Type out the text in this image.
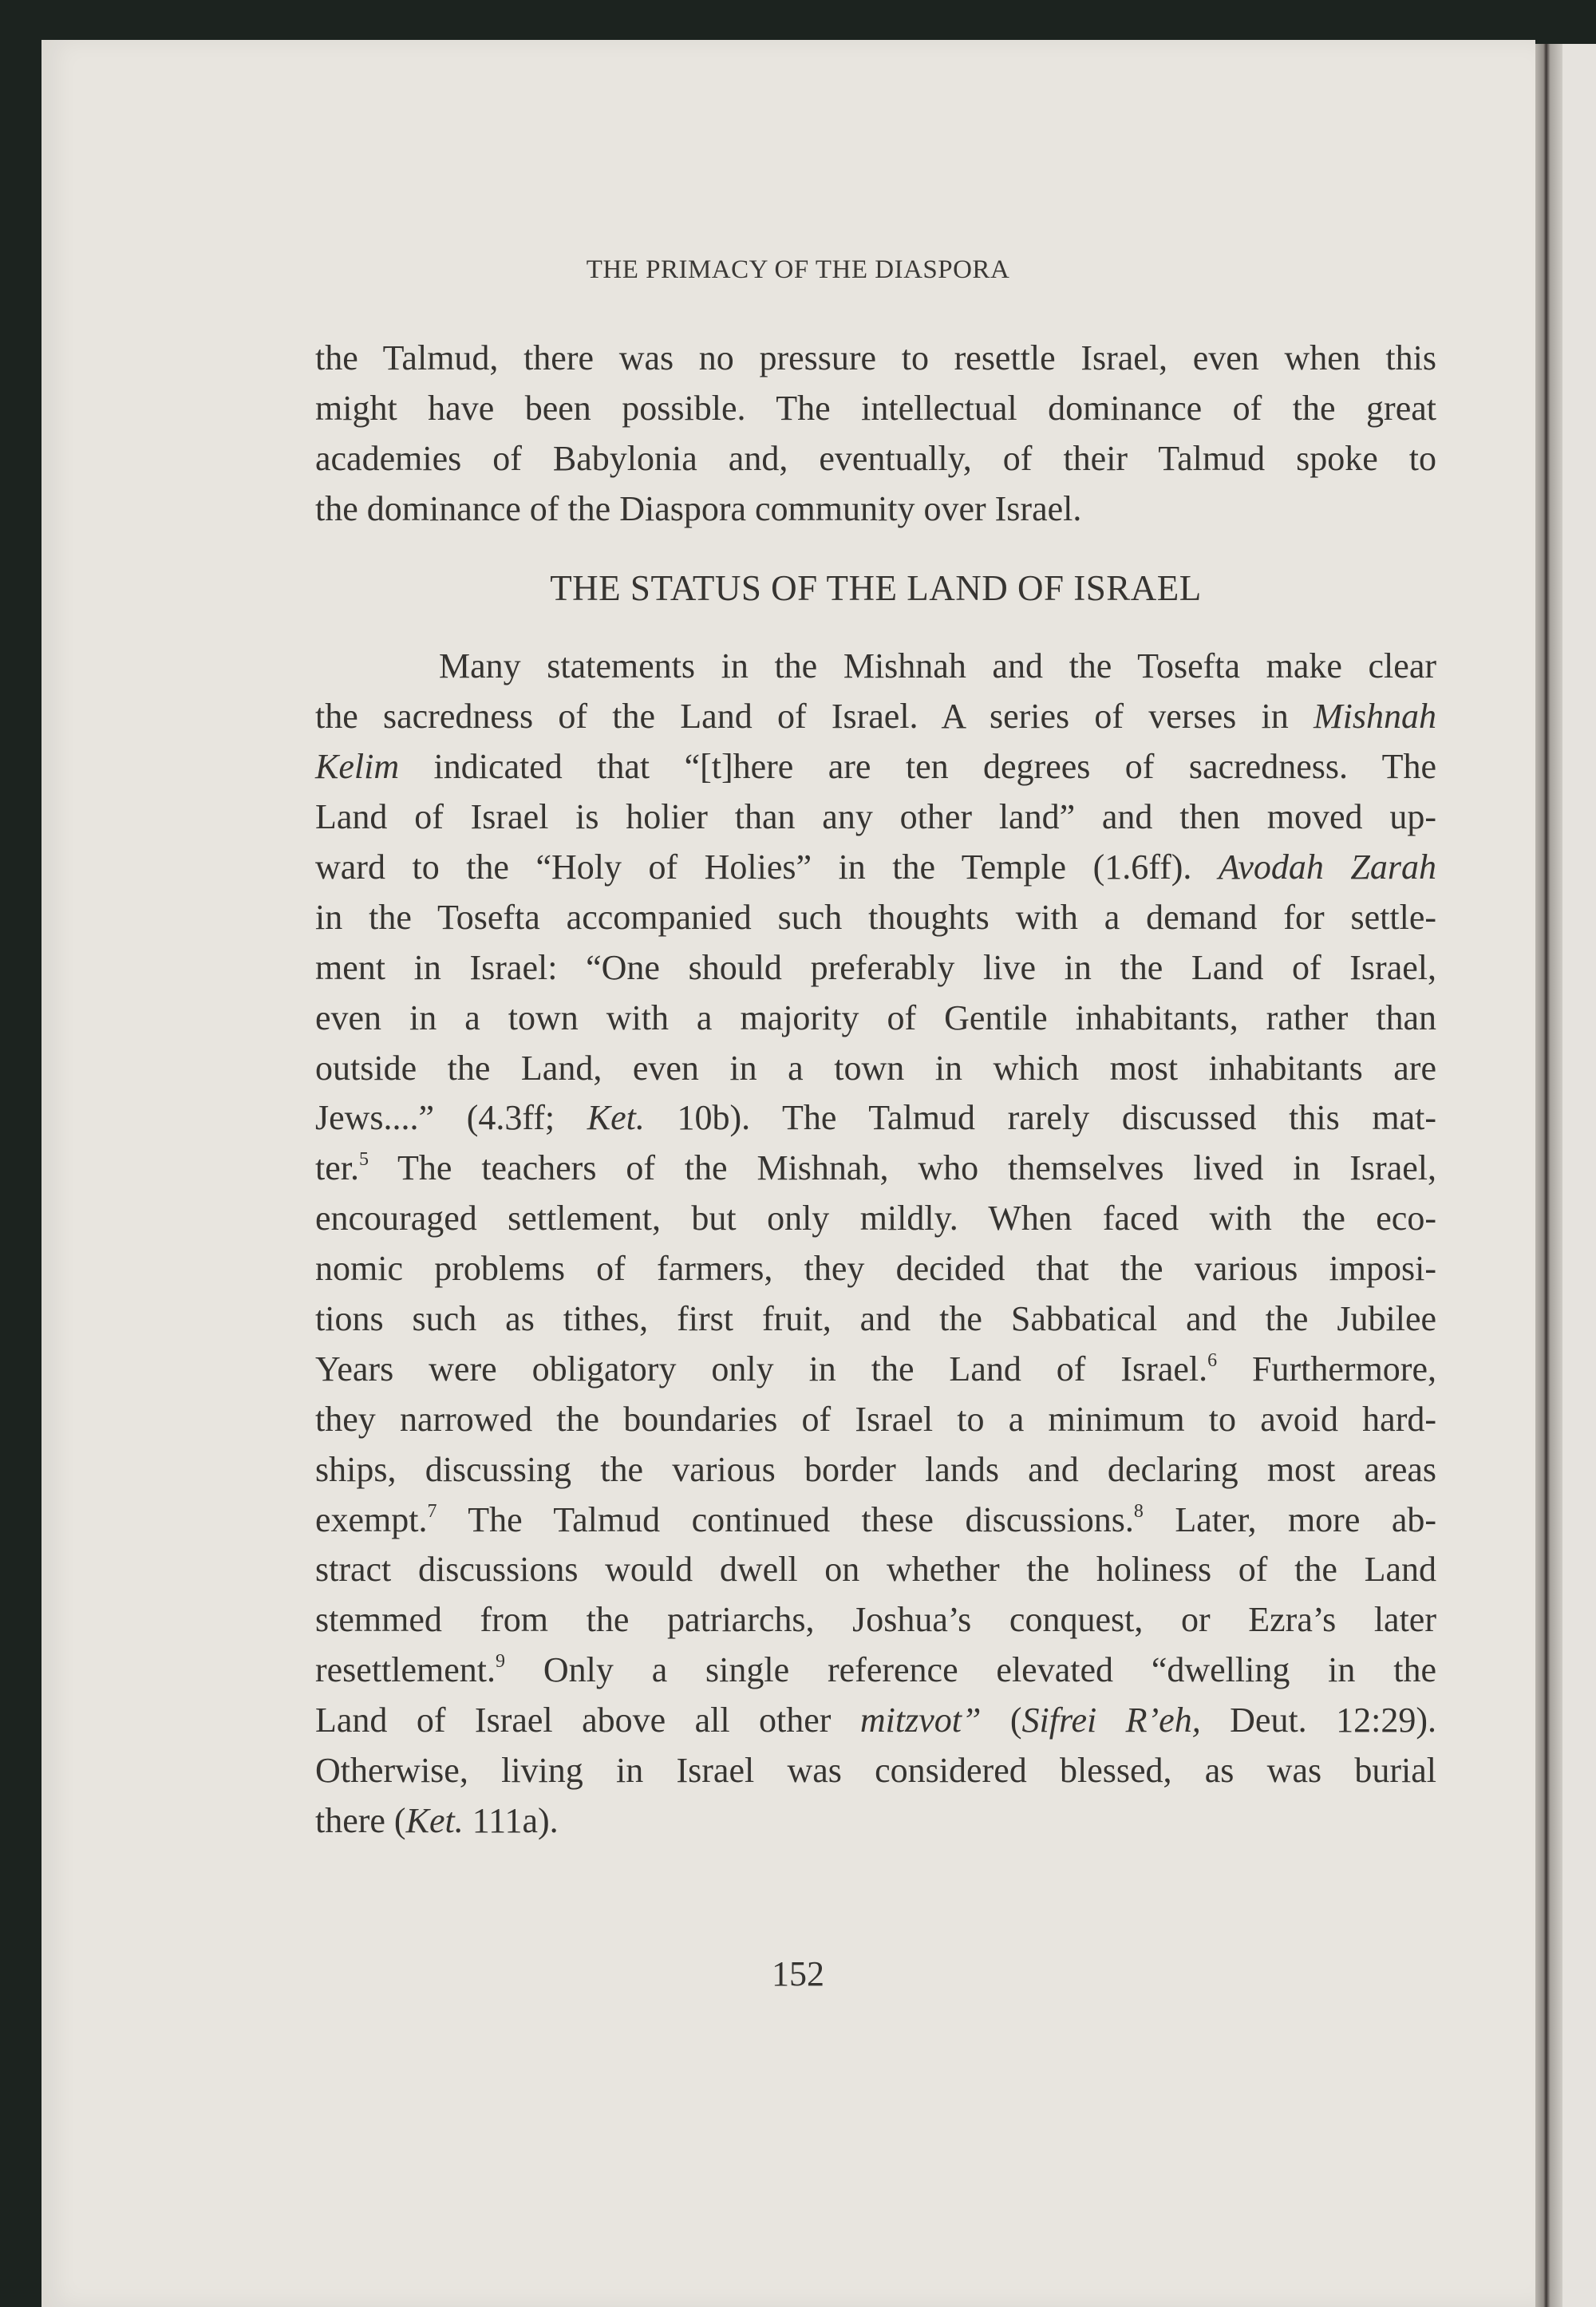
THE PRIMACY OF THE DIASPORA
the Talmud, there was no pressure to resettle Israel, even when this
might have been possible. The intellectual dominance of the great
academies of Babylonia and, eventually, of their Talmud spoke to
the dominance of the Diaspora community over Israel.
THE STATUS OF THE LAND OF ISRAEL
Many statements in the Mishnah and the Tosefta make clear
the sacredness of the Land of Israel. A series of verses in Mishnah
Kelim indicated that “[t]here are ten degrees of sacredness. The
Land of Israel is holier than any other land” and then moved up-
ward to the “Holy of Holies” in the Temple (1.6ff). Avodah Zarah
in the Tosefta accompanied such thoughts with a demand for settle-
ment in Israel: “One should preferably live in the Land of Israel,
even in a town with a majority of Gentile inhabitants, rather than
outside the Land, even in a town in which most inhabitants are
Jews....” (4.3ff; Ket. 10b). The Talmud rarely discussed this mat-
ter.$^5$ The teachers of the Mishnah, who themselves lived in Israel,
encouraged settlement, but only mildly. When faced with the eco-
nomic problems of farmers, they decided that the various imposi-
tions such as tithes, first fruit, and the Sabbatical and the Jubilee
Years were obligatory only in the Land of Israel.$^6$ Furthermore,
they narrowed the boundaries of Israel to a minimum to avoid hard-
ships, discussing the various border lands and declaring most areas
exempt.$^7$ The Talmud continued these discussions.$^8$ Later, more ab-
stract discussions would dwell on whether the holiness of the Land
stemmed from the patriarchs, Joshua’s conquest, or Ezra’s later
resettlement.$^9$ Only a single reference elevated “dwelling in the
Land of Israel above all other mitzvot” (Sifrei R’eh, Deut. 12:29).
Otherwise, living in Israel was considered blessed, as was burial
there (Ket. 111a).
152
